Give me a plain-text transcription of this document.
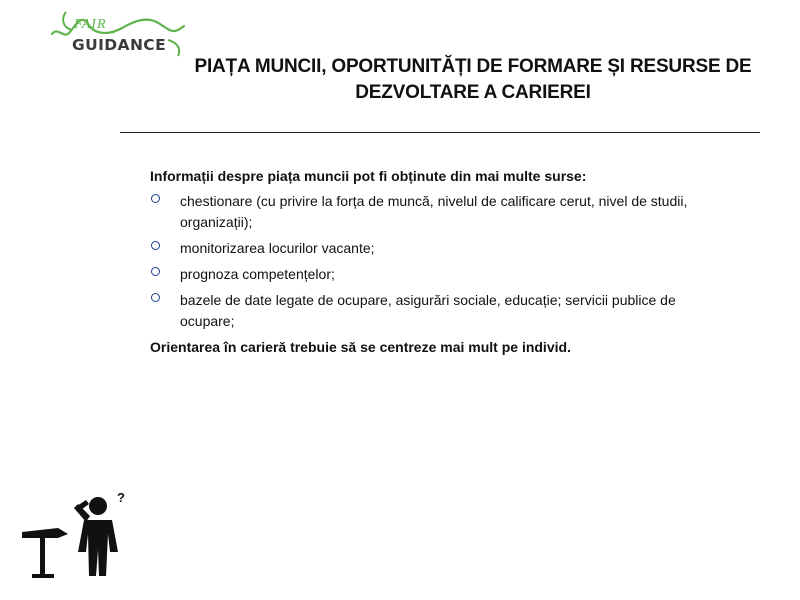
FAIR
GUIDANCE
PIAȚA MUNCII, OPORTUNITĂȚI DE FORMARE ȘI RESURSE DE
DEZVOLTARE A CARIEREI

Informații despre piața muncii pot fi obținute din mai multe surse:

chestionare (cu privire la forța de muncă, nivelul de calificare cerut, nivel de studii, organizații);
monitorizarea locurilor vacante;
prognoza competențelor;
bazele de date legate de ocupare, asigurări sociale, educație; servicii publice de ocupare;

Orientarea în carieră trebuie să se centreze mai mult pe individ.

?
